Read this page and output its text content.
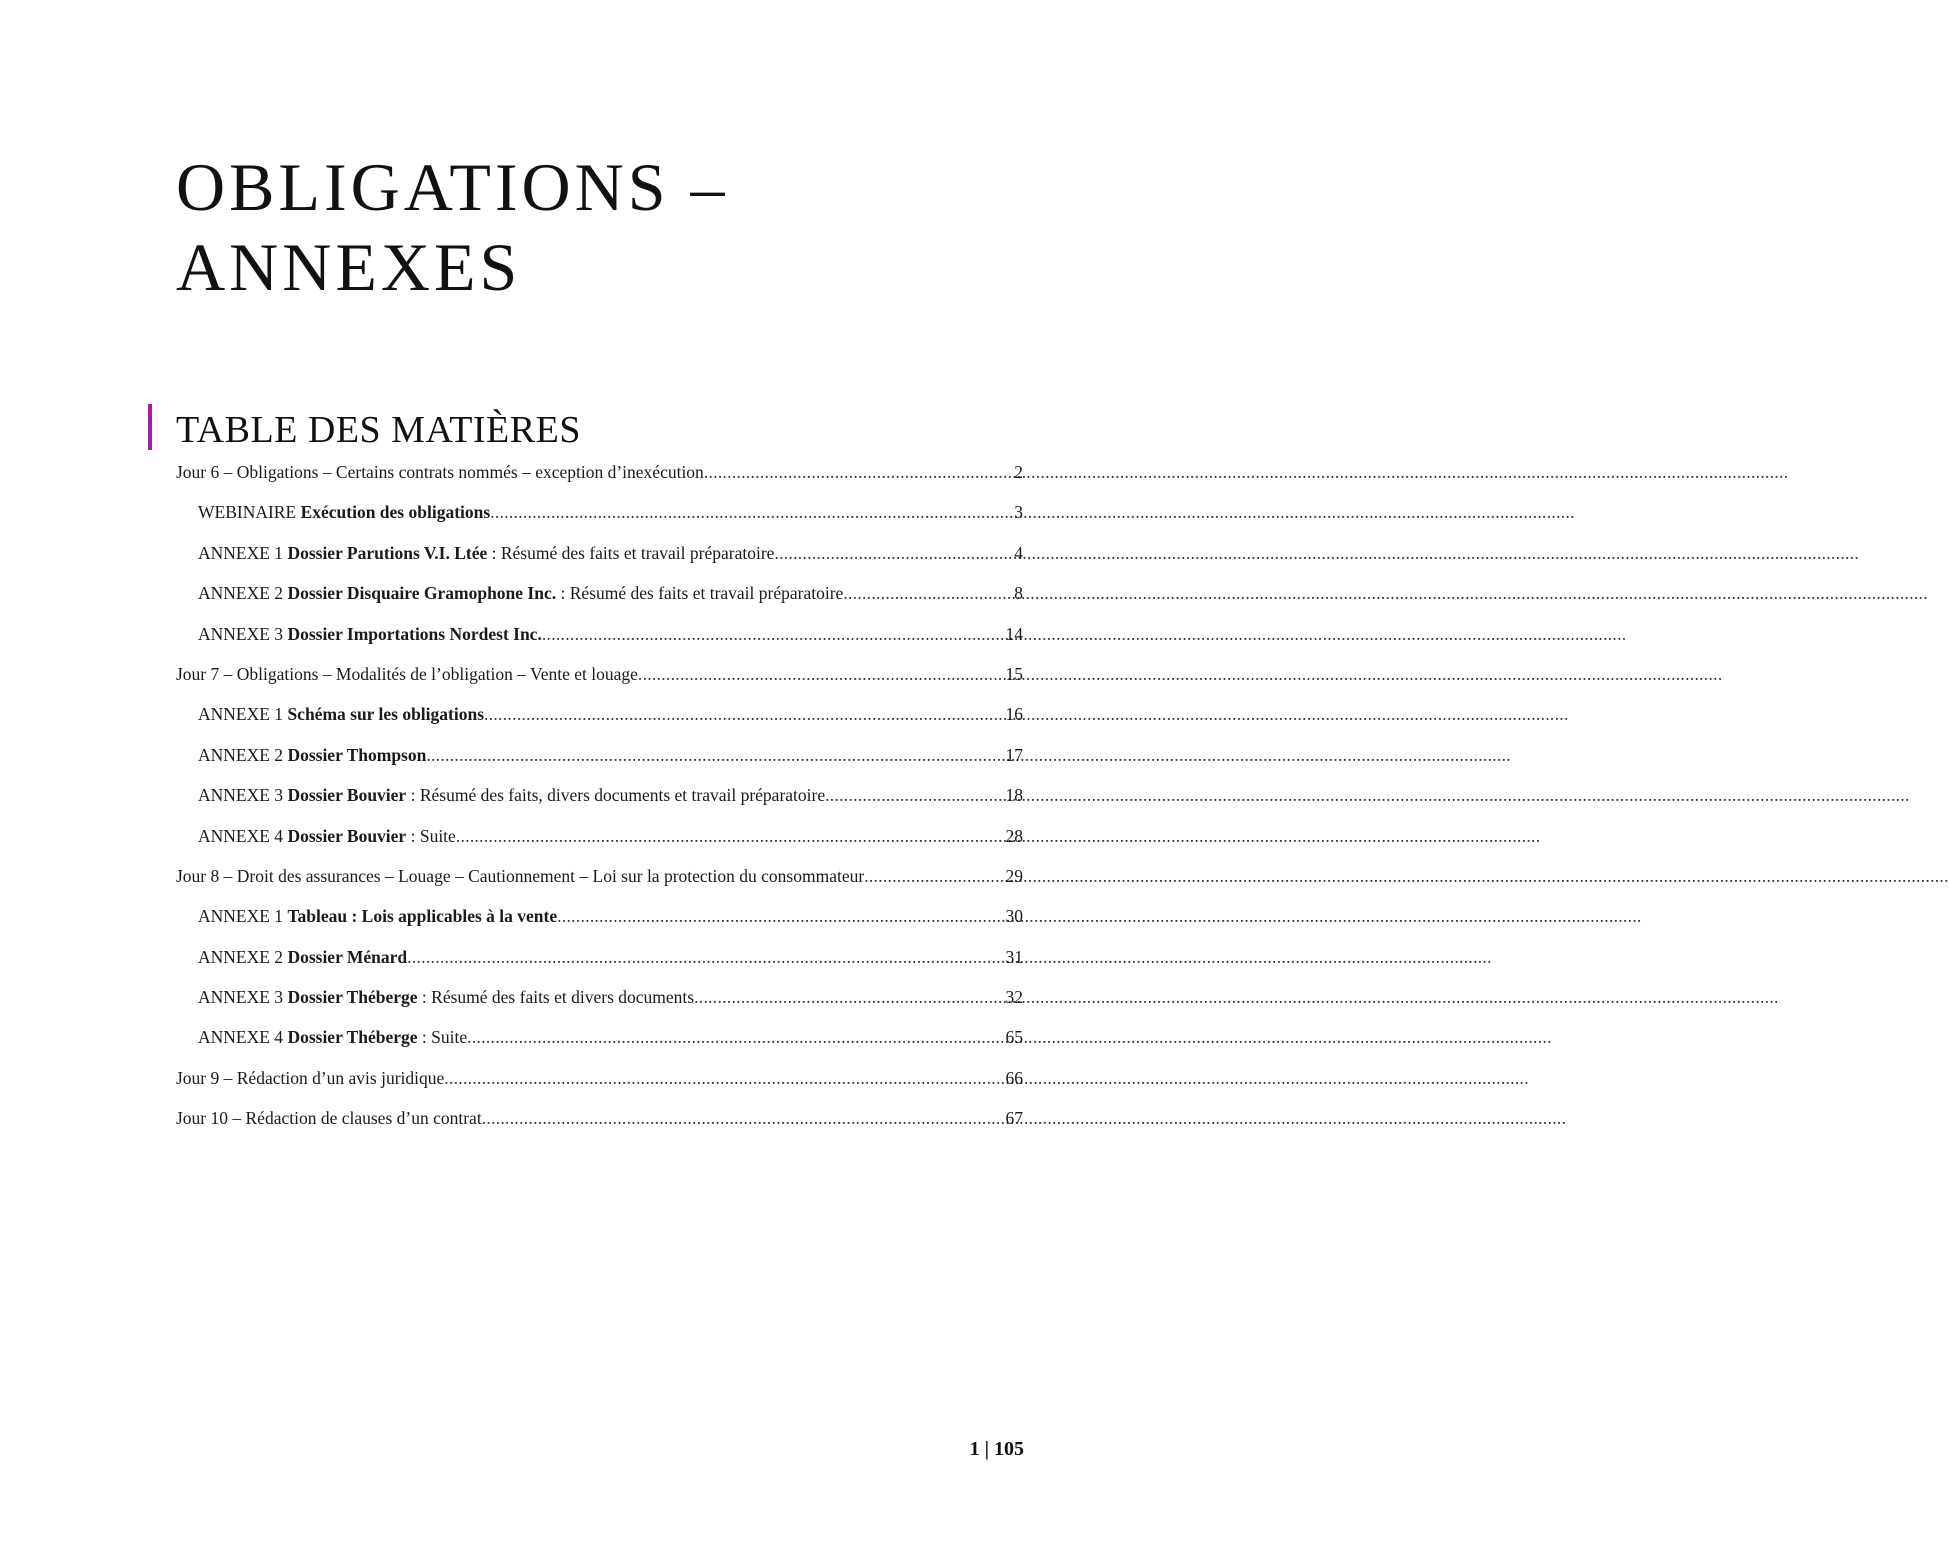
OBLIGATIONS –
ANNEXES
TABLE DES MATIÈRES
Jour 6 – Obligations – Certains contrats nommés – exception d’inexécution .....	2
WEBINAIRE Exécution des obligations .....	3
ANNEXE 1 Dossier Parutions V.I. Ltée : Résumé des faits et travail préparatoire .....	4
ANNEXE 2 Dossier Disquaire Gramophone Inc. : Résumé des faits et travail préparatoire .....	8
ANNEXE 3 Dossier Importations Nordest Inc. .....	14
Jour 7 – Obligations – Modalités de l’obligation – Vente et louage .....	15
ANNEXE 1 Schéma sur les obligations .....	16
ANNEXE 2 Dossier Thompson .....	17
ANNEXE 3 Dossier Bouvier : Résumé des faits, divers documents et travail préparatoire .....	18
ANNEXE 4 Dossier Bouvier : Suite .....	28
Jour 8 – Droit des assurances – Louage – Cautionnement – Loi sur la protection du consommateur .....	29
ANNEXE 1 Tableau : Lois applicables à la vente .....	30
ANNEXE 2 Dossier Ménard .....	31
ANNEXE 3 Dossier Théberge : Résumé des faits et divers documents .....	32
ANNEXE 4 Dossier Théberge : Suite .....	65
Jour 9 – Rédaction d’un avis juridique .....	66
Jour 10 – Rédaction de clauses d’un contrat .....	67
1 | 105
